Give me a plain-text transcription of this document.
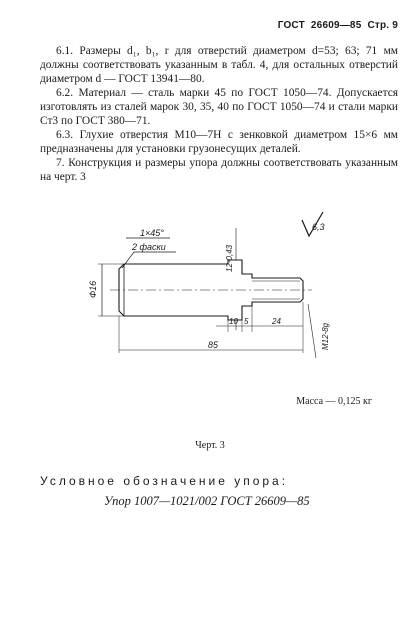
ГОСТ 26609—85 Стр. 9

6.1. Размеры d₁, b₁, r для отверстий диаметром d=53; 63; 71 мм должны соответствовать указанным в табл. 4, для остальных отверстий диаметром d — ГОСТ 13941—80.

6.2. Материал — сталь марки 45 по ГОСТ 1050—74. Допускается изготовлять из сталей марок 30, 35, 40 по ГОСТ 1050—74 и стали марки Ст3 по ГОСТ 380—71.

6.3. Глухие отверстия М10—7Н с зенковкой диаметром 15×6 мм предназначены для установки грузонесущих деталей.

7. Конструкция и размеры упора должны соответствовать указанным на черт. 3

1×45°
2 фаски
Ф16
12-0,43
6,3
10 5	24
85	М12-8g
Масса — 0,125 кг
Черт. 3
Условное обозначение упора:
Упор 1007—1021/002 ГОСТ 26609—85
